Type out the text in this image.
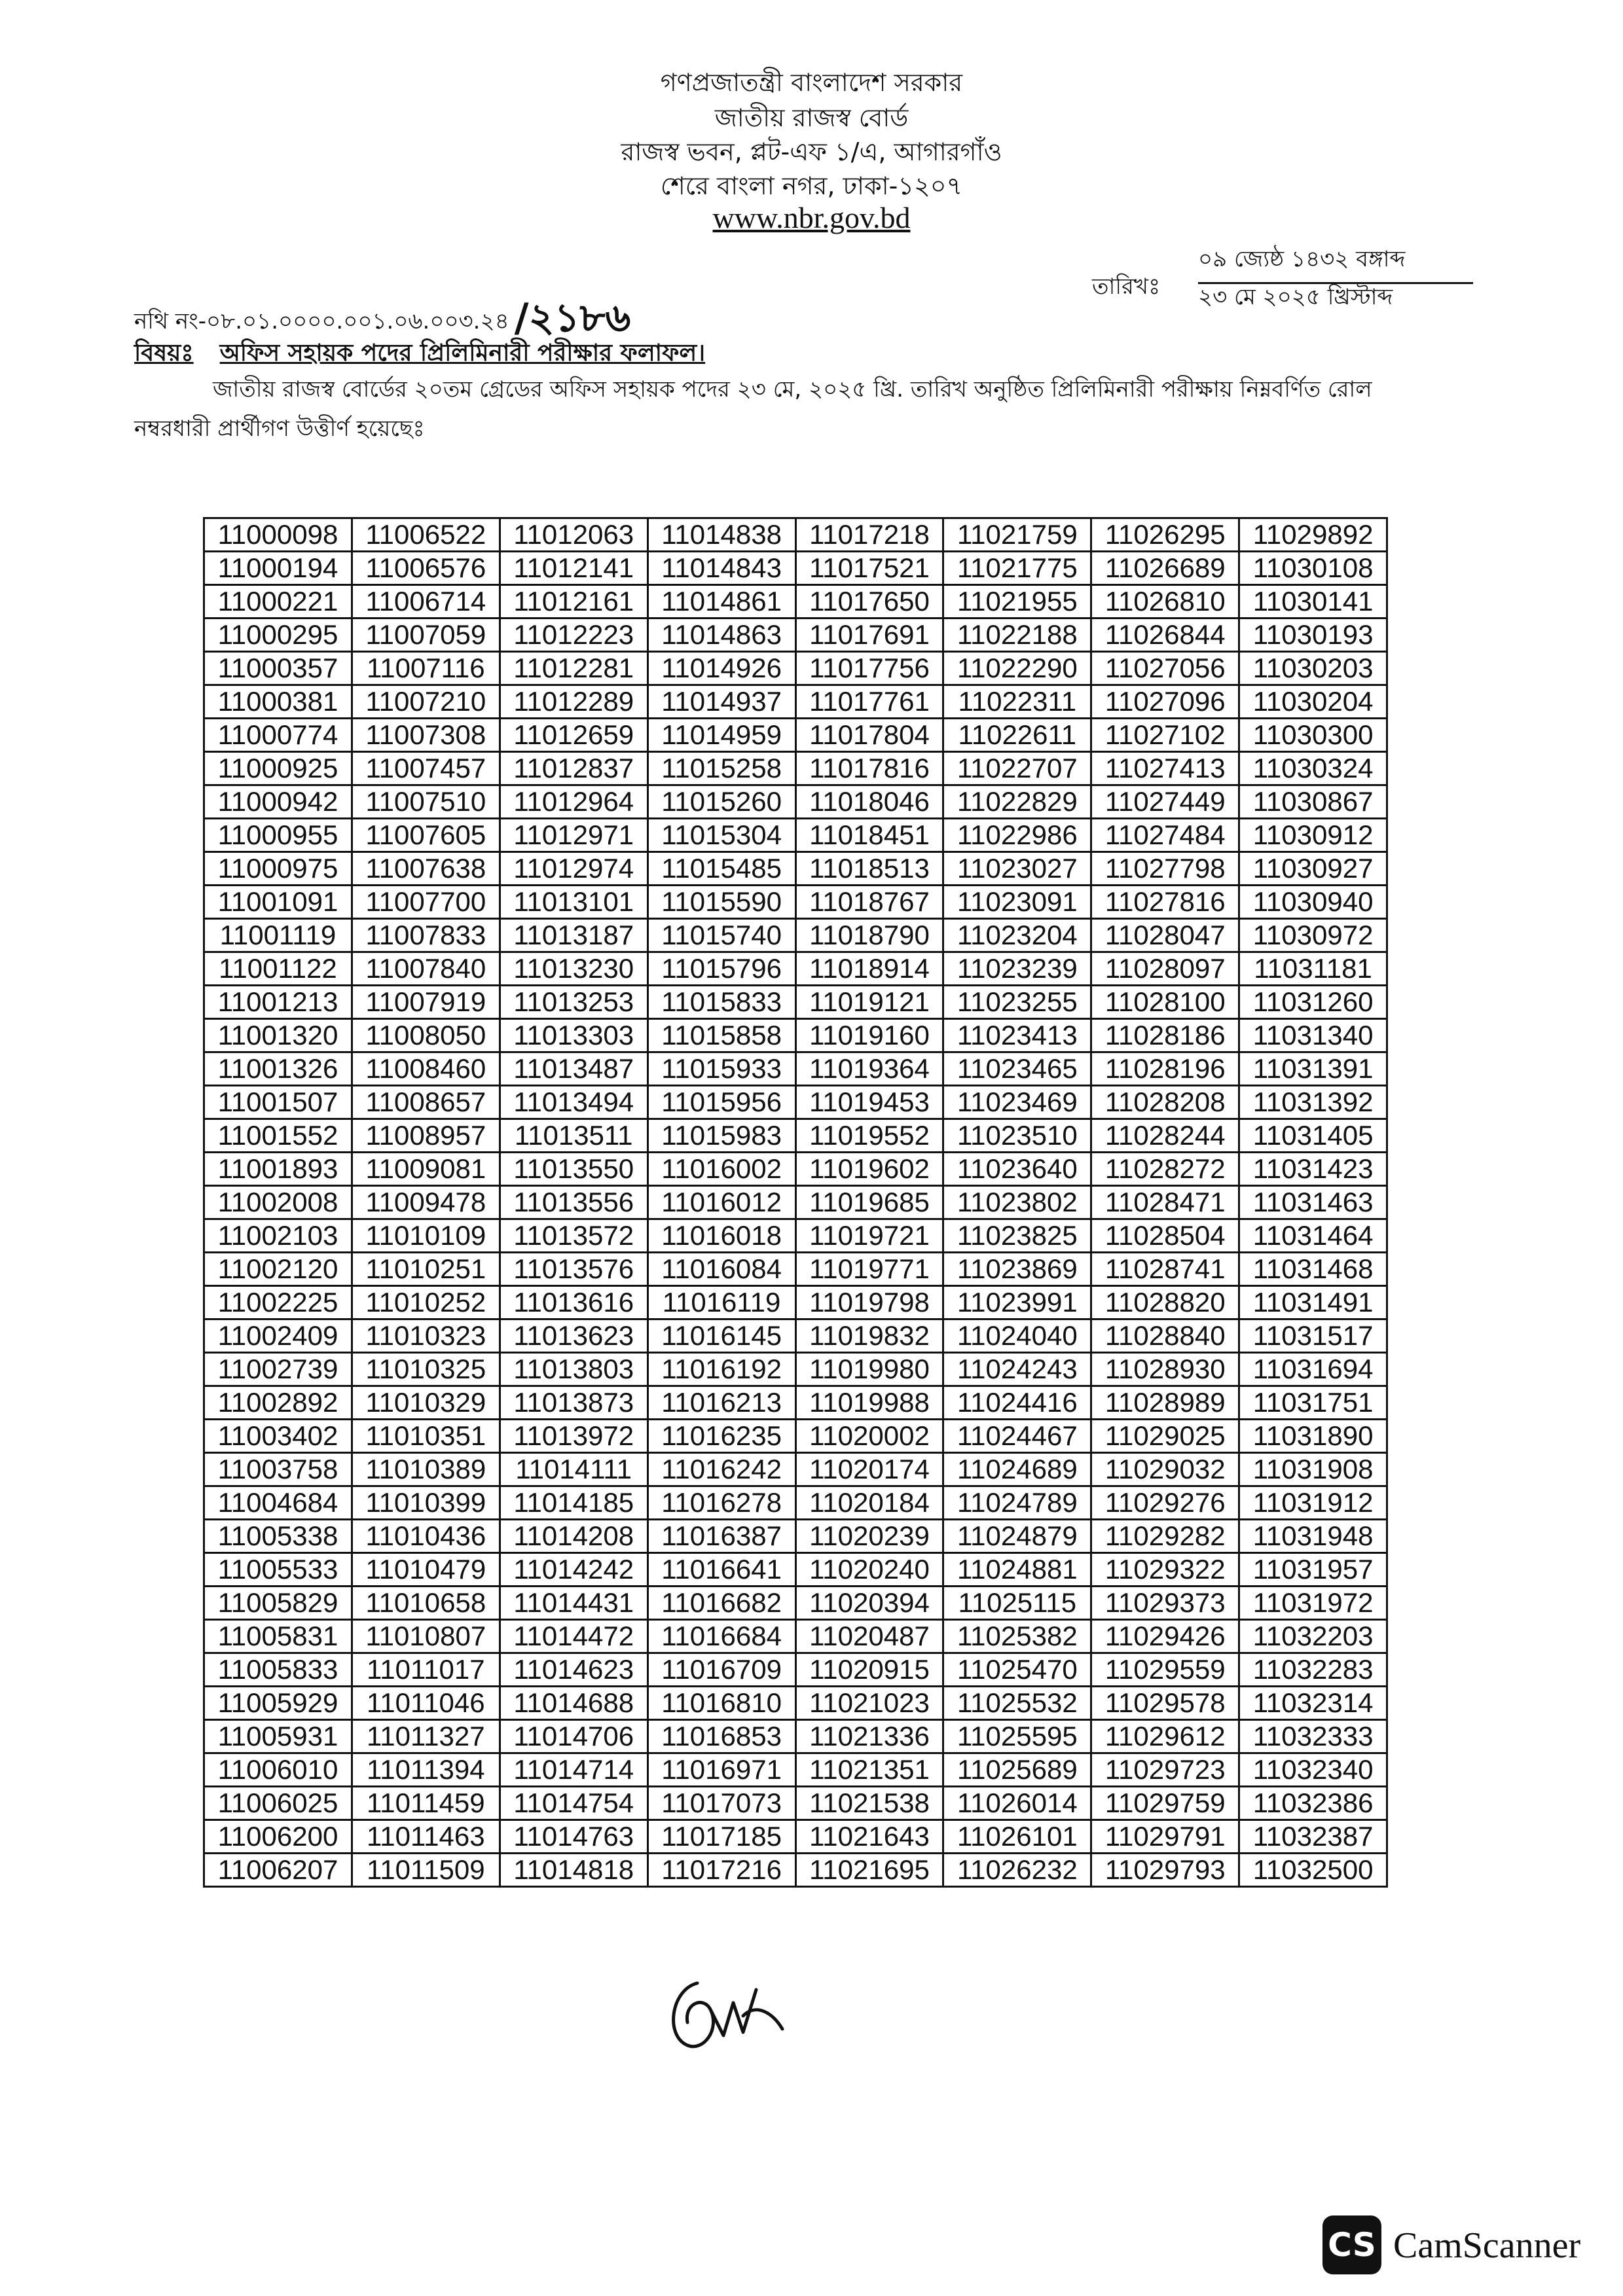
গণপ্রজাতন্ত্রী বাংলাদেশ সরকার
জাতীয় রাজস্ব বোর্ড
রাজস্ব ভবন, প্লট-এফ ১/এ, আগারগাঁও
শেরে বাংলা নগর, ঢাকা-১২০৭
www.nbr.gov.bd
নথি নং-০৮.০১.০০০০.০০১.০৬.০০৩.২৪ /২১৮৬
তারিখঃ
০৯ জ্যেষ্ঠ ১৪৩২ বঙ্গাব্দ
২৩ মে ২০২৫ খ্রিস্টাব্দ
বিষয়ঃ অফিস সহায়ক পদের প্রিলিমিনারী পরীক্ষার ফলাফল।
জাতীয় রাজস্ব বোর্ডের ২০তম গ্রেডের অফিস সহায়ক পদের ২৩ মে, ২০২৫ খ্রি. তারিখ অনুষ্ঠিত প্রিলিমিনারী পরীক্ষায় নিম্নবর্ণিত রোল নম্বরধারী প্রার্থীগণ উত্তীর্ণ হয়েছেঃ
11000098	11006522	11012063	11014838	11017218	11021759	11026295	11029892
11000194	11006576	11012141	11014843	11017521	11021775	11026689	11030108
11000221	11006714	11012161	11014861	11017650	11021955	11026810	11030141
11000295	11007059	11012223	11014863	11017691	11022188	11026844	11030193
11000357	11007116	11012281	11014926	11017756	11022290	11027056	11030203
11000381	11007210	11012289	11014937	11017761	11022311	11027096	11030204
11000774	11007308	11012659	11014959	11017804	11022611	11027102	11030300
11000925	11007457	11012837	11015258	11017816	11022707	11027413	11030324
11000942	11007510	11012964	11015260	11018046	11022829	11027449	11030867
11000955	11007605	11012971	11015304	11018451	11022986	11027484	11030912
11000975	11007638	11012974	11015485	11018513	11023027	11027798	11030927
11001091	11007700	11013101	11015590	11018767	11023091	11027816	11030940
11001119	11007833	11013187	11015740	11018790	11023204	11028047	11030972
11001122	11007840	11013230	11015796	11018914	11023239	11028097	11031181
11001213	11007919	11013253	11015833	11019121	11023255	11028100	11031260
11001320	11008050	11013303	11015858	11019160	11023413	11028186	11031340
11001326	11008460	11013487	11015933	11019364	11023465	11028196	11031391
11001507	11008657	11013494	11015956	11019453	11023469	11028208	11031392
11001552	11008957	11013511	11015983	11019552	11023510	11028244	11031405
11001893	11009081	11013550	11016002	11019602	11023640	11028272	11031423
11002008	11009478	11013556	11016012	11019685	11023802	11028471	11031463
11002103	11010109	11013572	11016018	11019721	11023825	11028504	11031464
11002120	11010251	11013576	11016084	11019771	11023869	11028741	11031468
11002225	11010252	11013616	11016119	11019798	11023991	11028820	11031491
11002409	11010323	11013623	11016145	11019832	11024040	11028840	11031517
11002739	11010325	11013803	11016192	11019980	11024243	11028930	11031694
11002892	11010329	11013873	11016213	11019988	11024416	11028989	11031751
11003402	11010351	11013972	11016235	11020002	11024467	11029025	11031890
11003758	11010389	11014111	11016242	11020174	11024689	11029032	11031908
11004684	11010399	11014185	11016278	11020184	11024789	11029276	11031912
11005338	11010436	11014208	11016387	11020239	11024879	11029282	11031948
11005533	11010479	11014242	11016641	11020240	11024881	11029322	11031957
11005829	11010658	11014431	11016682	11020394	11025115	11029373	11031972
11005831	11010807	11014472	11016684	11020487	11025382	11029426	11032203
11005833	11011017	11014623	11016709	11020915	11025470	11029559	11032283
11005929	11011046	11014688	11016810	11021023	11025532	11029578	11032314
11005931	11011327	11014706	11016853	11021336	11025595	11029612	11032333
11006010	11011394	11014714	11016971	11021351	11025689	11029723	11032340
11006025	11011459	11014754	11017073	11021538	11026014	11029759	11032386
11006200	11011463	11014763	11017185	11021643	11026101	11029791	11032387
11006207	11011509	11014818	11017216	11021695	11026232	11029793	11032500
CS CamScanner
